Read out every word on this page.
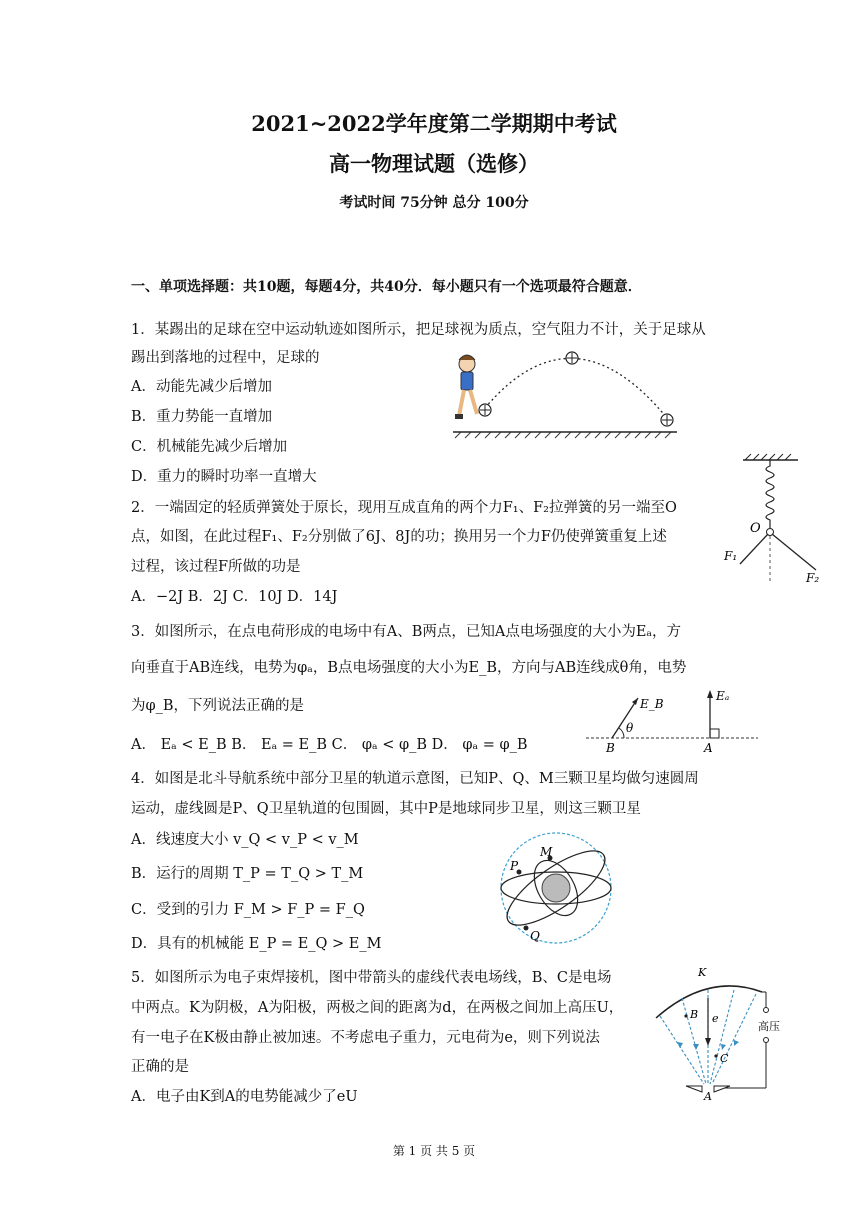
2021~2022学年度第二学期期中考试
高一物理试题（选修）
考试时间 75分钟 总分 100分
一、单项选择题：共10题，每题4分，共40分．每小题只有一个选项最符合题意．
1．某踢出的足球在空中运动轨迹如图所示，把足球视为质点，空气阻力不计，关于足球从
踢出到落地的过程中，足球的
A．动能先减少后增加
B．重力势能一直增加
C．机械能先减少后增加
D．重力的瞬时功率一直增大
2．一端固定的轻质弹簧处于原长，现用互成直角的两个力F₁、F₂拉弹簧的另一端至O
点，如图，在此过程F₁、F₂分别做了6J、8J的功；换用另一个力F仍使弹簧重复上述
过程，该过程F所做的功是
A．−2J B．2J C．10J D．14J
O
F₁
F₂
3．如图所示，在点电荷形成的电场中有A、B两点，已知A点电场强度的大小为Eₐ，方
向垂直于AB连线，电势为φₐ，B点电场强度的大小为E_B，方向与AB连线成θ角，电势
为φ_B，下列说法正确的是
A． Eₐ < E_B B． Eₐ = E_B C． φₐ < φ_B D． φₐ = φ_B
E_B
Eₐ
θ
B	A
4．如图是北斗导航系统中部分卫星的轨道示意图，已知P、Q、M三颗卫星均做匀速圆周
运动，虚线圆是P、Q卫星轨道的包围圆，其中P是地球同步卫星，则这三颗卫星
A．线速度大小 v_Q < v_P < v_M
B．运行的周期 T_P = T_Q > T_M
C．受到的引力 F_M > F_P = F_Q
D．具有的机械能 E_P = E_Q > E_M
P
M
Q
5．如图所示为电子束焊接机，图中带箭头的虚线代表电场线，B、C是电场
中两点。K为阴极，A为阳极，两极之间的距离为d，在两极之间加上高压U，
有一电子在K极由静止被加速。不考虑电子重力，元电荷为e，则下列说法
正确的是
A．电子由K到A的电势能减少了eU
K
B e
C
A
高压
第 1 页 共 5 页
